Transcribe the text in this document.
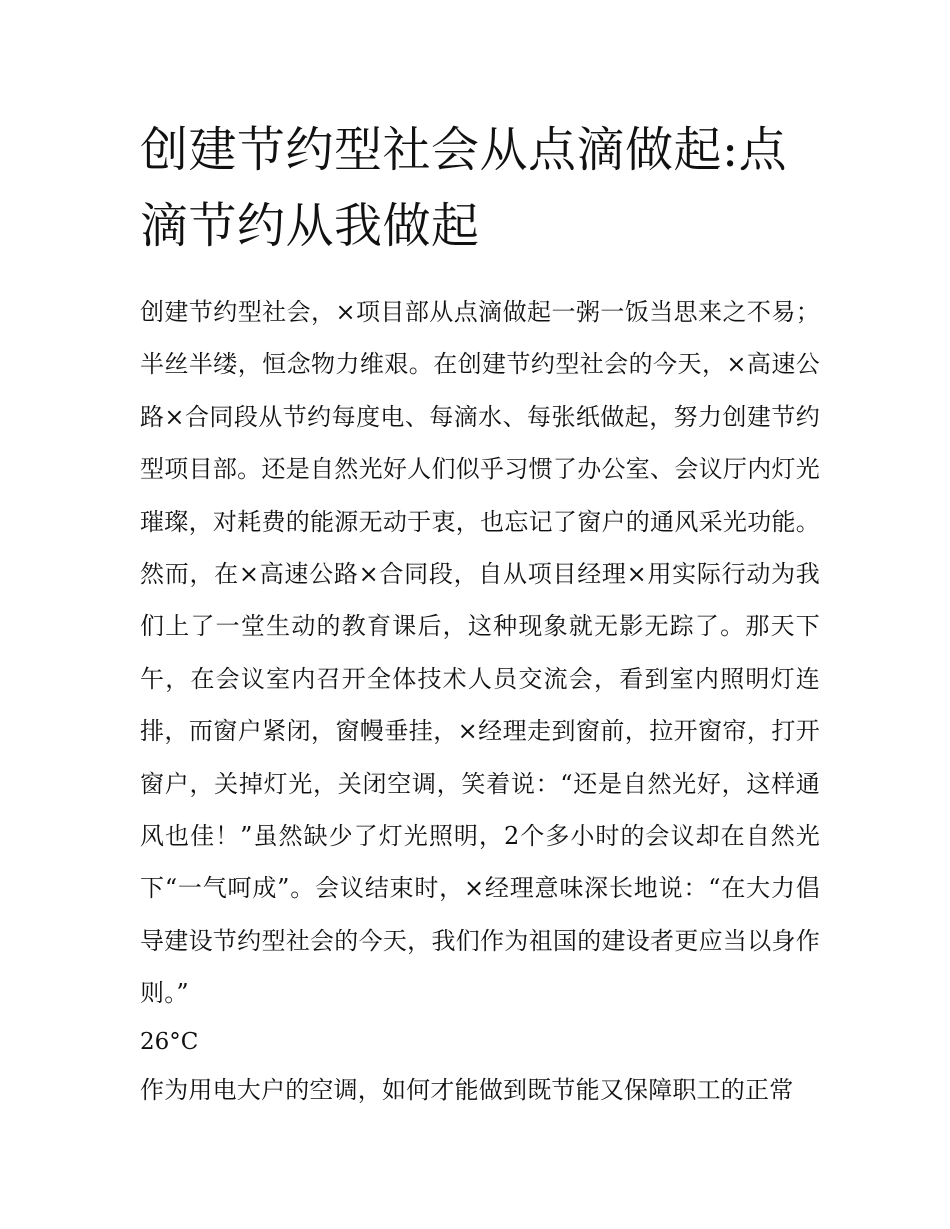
创建节约型社会从点滴做起:点滴节约从我做起

创建节约型社会，×项目部从点滴做起一粥一饭当思来之不易；半丝半缕，恒念物力维艰。在创建节约型社会的今天，×高速公路×合同段从节约每度电、每滴水、每张纸做起，努力创建节约型项目部。还是自然光好人们似乎习惯了办公室、会议厅内灯光璀璨，对耗费的能源无动于衷，也忘记了窗户的通风采光功能。然而，在×高速公路×合同段，自从项目经理×用实际行动为我们上了一堂生动的教育课后，这种现象就无影无踪了。那天下午，在会议室内召开全体技术人员交流会，看到室内照明灯连排，而窗户紧闭，窗幔垂挂，×经理走到窗前，拉开窗帘，打开窗户，关掉灯光，关闭空调，笑着说：“还是自然光好，这样通风也佳！”虽然缺少了灯光照明，2个多小时的会议却在自然光下“一气呵成”。会议结束时，×经理意味深长地说：“在大力倡导建设节约型社会的今天，我们作为祖国的建设者更应当以身作则。”

26°C

作为用电大户的空调，如何才能做到既节能又保障职工的正常
